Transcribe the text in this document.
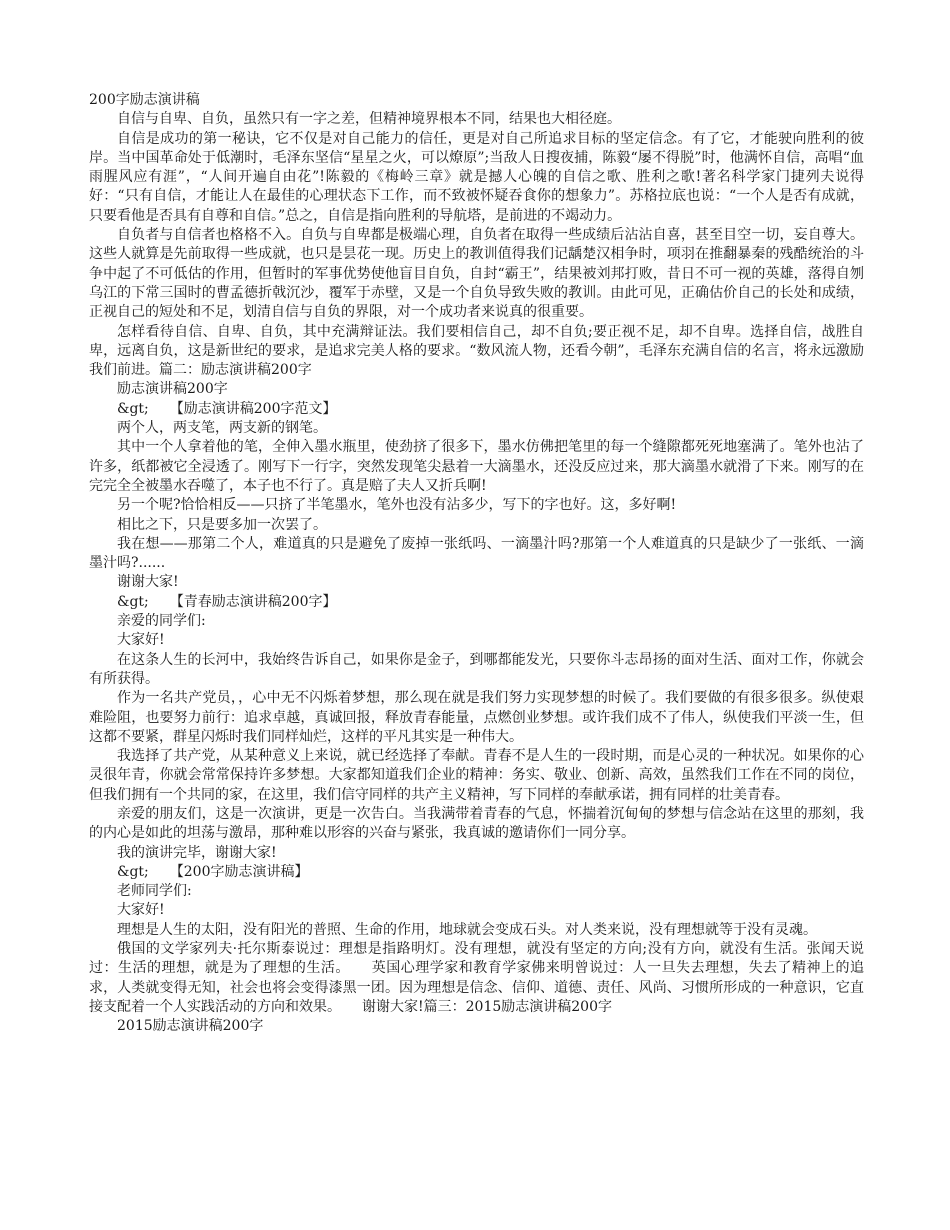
200字励志演讲稿

自信与自卑、自负，虽然只有一字之差，但精神境界根本不同，结果也大相径庭。

自信是成功的第一秘诀，它不仅是对自己能力的信任，更是对自己所追求目标的坚定信念。有了它，才能驶向胜利的彼岸。当中国革命处于低潮时，毛泽东坚信“星星之火，可以燎原”;当敌人日搜夜捕，陈毅“屡不得脱”时，他满怀自信，高唱“血雨腥风应有涯”，“人间开遍自由花”!陈毅的《梅岭三章》就是撼人心魄的自信之歌、胜利之歌!著名科学家门捷列夫说得好：“只有自信，才能让人在最佳的心理状态下工作，而不致被怀疑吞食你的想象力”。苏格拉底也说：“一个人是否有成就，只要看他是否具有自尊和自信。”总之，自信是指向胜利的导航塔，是前进的不竭动力。

自负者与自信者也格格不入。自负与自卑都是极端心理，自负者在取得一些成绩后沾沾自喜，甚至目空一切，妄自尊大。这些人就算是先前取得一些成就，也只是昙花一现。历史上的教训值得我们记龋楚汉相争时，项羽在推翻暴秦的残酷统治的斗争中起了不可低估的作用，但暂时的军事优势使他盲目自负，自封“霸王”，结果被刘邦打败，昔日不可一视的英雄，落得自刎乌江的下常三国时的曹孟德折戟沉沙，覆军于赤壁，又是一个自负导致失败的教训。由此可见，正确估价自己的长处和成绩，正视自己的短处和不足，划清自信与自负的界限，对一个成功者来说真的很重要。

怎样看待自信、自卑、自负，其中充满辩证法。我们要相信自己，却不自负;要正视不足，却不自卑。选择自信，战胜自卑，远离自负，这是新世纪的要求，是追求完美人格的要求。“数风流人物，还看今朝”，毛泽东充满自信的名言，将永远激励我们前进。篇二：励志演讲稿200字

励志演讲稿200字

&gt;　　【励志演讲稿200字范文】

两个人，两支笔，两支新的钢笔。

其中一个人拿着他的笔，全伸入墨水瓶里，使劲挤了很多下，墨水仿佛把笔里的每一个缝隙都死死地塞满了。笔外也沾了许多，纸都被它全浸透了。刚写下一行字，突然发现笔尖悬着一大滴墨水，还没反应过来，那大滴墨水就滑了下来。刚写的在完完全全被墨水吞噬了，本子也不行了。真是赔了夫人又折兵啊!

另一个呢?恰恰相反——只挤了半笔墨水，笔外也没有沾多少，写下的字也好。这，多好啊!

相比之下，只是要多加一次罢了。

我在想——那第二个人，难道真的只是避免了废掉一张纸吗、一滴墨汁吗?那第一个人难道真的只是缺少了一张纸、一滴墨汁吗?......

谢谢大家!

&gt;　　【青春励志演讲稿200字】

亲爱的同学们:

大家好!

在这条人生的长河中，我始终告诉自己，如果你是金子，到哪都能发光，只要你斗志昂扬的面对生活、面对工作，你就会有所获得。

作为一名共产党员，，心中无不闪烁着梦想，那么现在就是我们努力实现梦想的时候了。我们要做的有很多很多。纵使艰难险阻，也要努力前行：追求卓越，真诚回报，释放青春能量，点燃创业梦想。或许我们成不了伟人，纵使我们平淡一生，但这都不要紧，群星闪烁时我们同样灿烂，这样的平凡其实是一种伟大。

我选择了共产党，从某种意义上来说，就已经选择了奉献。青春不是人生的一段时期，而是心灵的一种状况。如果你的心灵很年青，你就会常常保持许多梦想。大家都知道我们企业的精神：务实、敬业、创新、高效，虽然我们工作在不同的岗位，但我们拥有一个共同的家，在这里，我们信守同样的共产主义精神，写下同样的奉献承诺，拥有同样的壮美青春。

亲爱的朋友们，这是一次演讲，更是一次告白。当我满带着青春的气息，怀揣着沉甸甸的梦想与信念站在这里的那刻，我的内心是如此的坦荡与激昂，那种难以形容的兴奋与紧张，我真诚的邀请你们一同分享。

我的演讲完毕，谢谢大家!

&gt;　　【200字励志演讲稿】

老师同学们:

大家好!

理想是人生的太阳，没有阳光的普照、生命的作用，地球就会变成石头。对人类来说，没有理想就等于没有灵魂。

俄国的文学家列夫·托尔斯泰说过：理想是指路明灯。没有理想，就没有坚定的方向;没有方向，就没有生活。张闻天说过：生活的理想，就是为了理想的生活。　　英国心理学家和教育学家佛来明曾说过：人一旦失去理想，失去了精神上的追求，人类就变得无知，社会也将会变得漆黑一团。因为理想是信念、信仰、道德、责任、风尚、习惯所形成的一种意识，它直接支配着一个人实践活动的方向和效果。　　谢谢大家!篇三：2015励志演讲稿200字

2015励志演讲稿200字
